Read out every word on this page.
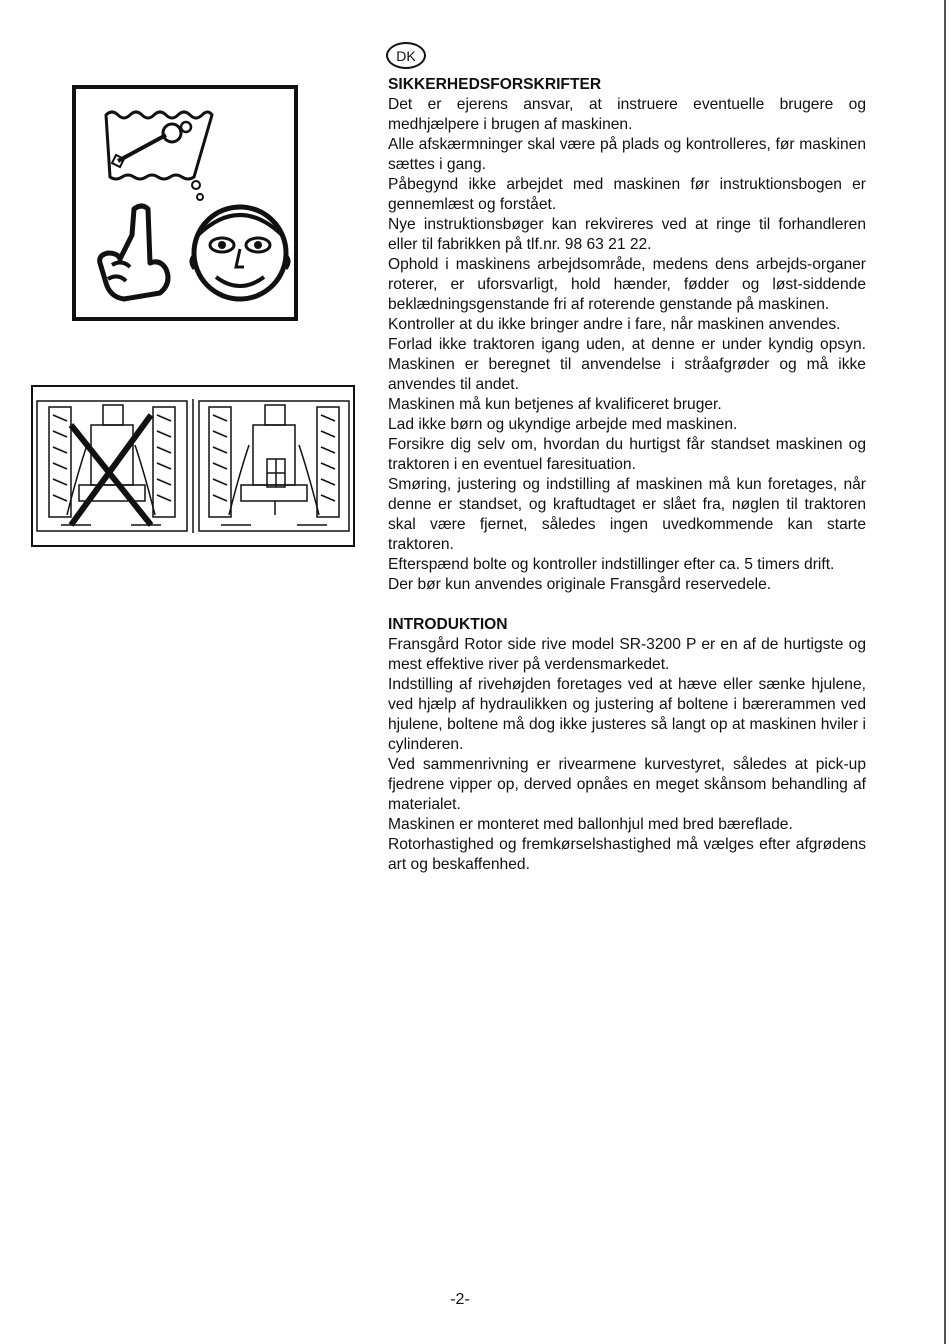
DK
SIKKERHEDSFORSKRIFTER

Det er ejerens ansvar, at instruere eventuelle brugere og medhjælpere i brugen af maskinen.

Alle afskærmninger skal være på plads og kontrolleres, før maskinen sættes i gang.

Påbegynd ikke arbejdet med maskinen før instruktionsbogen er gennemlæst og forstået.

Nye instruktionsbøger kan rekvireres ved at ringe til forhandleren eller til fabrikken på tlf.nr. 98 63 21 22.

Ophold i maskinens arbejdsområde, medens dens arbejds-organer roterer, er uforsvarligt, hold hænder, fødder og løst-siddende beklædningsgenstande fri af roterende genstande på maskinen.

Kontroller at du ikke bringer andre i fare, når maskinen anvendes.

Forlad ikke traktoren igang uden, at denne er under kyndig opsyn. Maskinen er beregnet til anvendelse i stråafgrøder og må ikke anvendes til andet.

Maskinen må kun betjenes af kvalificeret bruger.

Lad ikke børn og ukyndige arbejde med maskinen.

Forsikre dig selv om, hvordan du hurtigst får standset maskinen og traktoren i en eventuel faresituation.

Smøring, justering og indstilling af maskinen må kun foretages, når denne er standset, og kraftudtaget er slået fra, nøglen til traktoren skal være fjernet, således ingen uvedkommende kan starte traktoren.

Efterspænd bolte og kontroller indstillinger efter ca. 5 timers drift.

Der bør kun anvendes originale Fransgård reservedele.

INTRODUKTION

Fransgård Rotor side rive model SR-3200 P er en af de hurtigste og mest effektive river på verdensmarkedet.

Indstilling af rivehøjden foretages ved at hæve eller sænke hjulene, ved hjælp af hydraulikken og justering af boltene i bærerammen ved hjulene, boltene må dog ikke justeres så langt op at maskinen hviler i cylinderen.

Ved sammenrivning er rivearmene kurvestyret, således at pick-up fjedrene vipper op, derved opnåes en meget skånsom behandling af materialet.

Maskinen er monteret med ballonhjul med bred bæreflade.

Rotorhastighed og fremkørselshastighed må vælges efter afgrødens art og beskaffenhed.

-2-
